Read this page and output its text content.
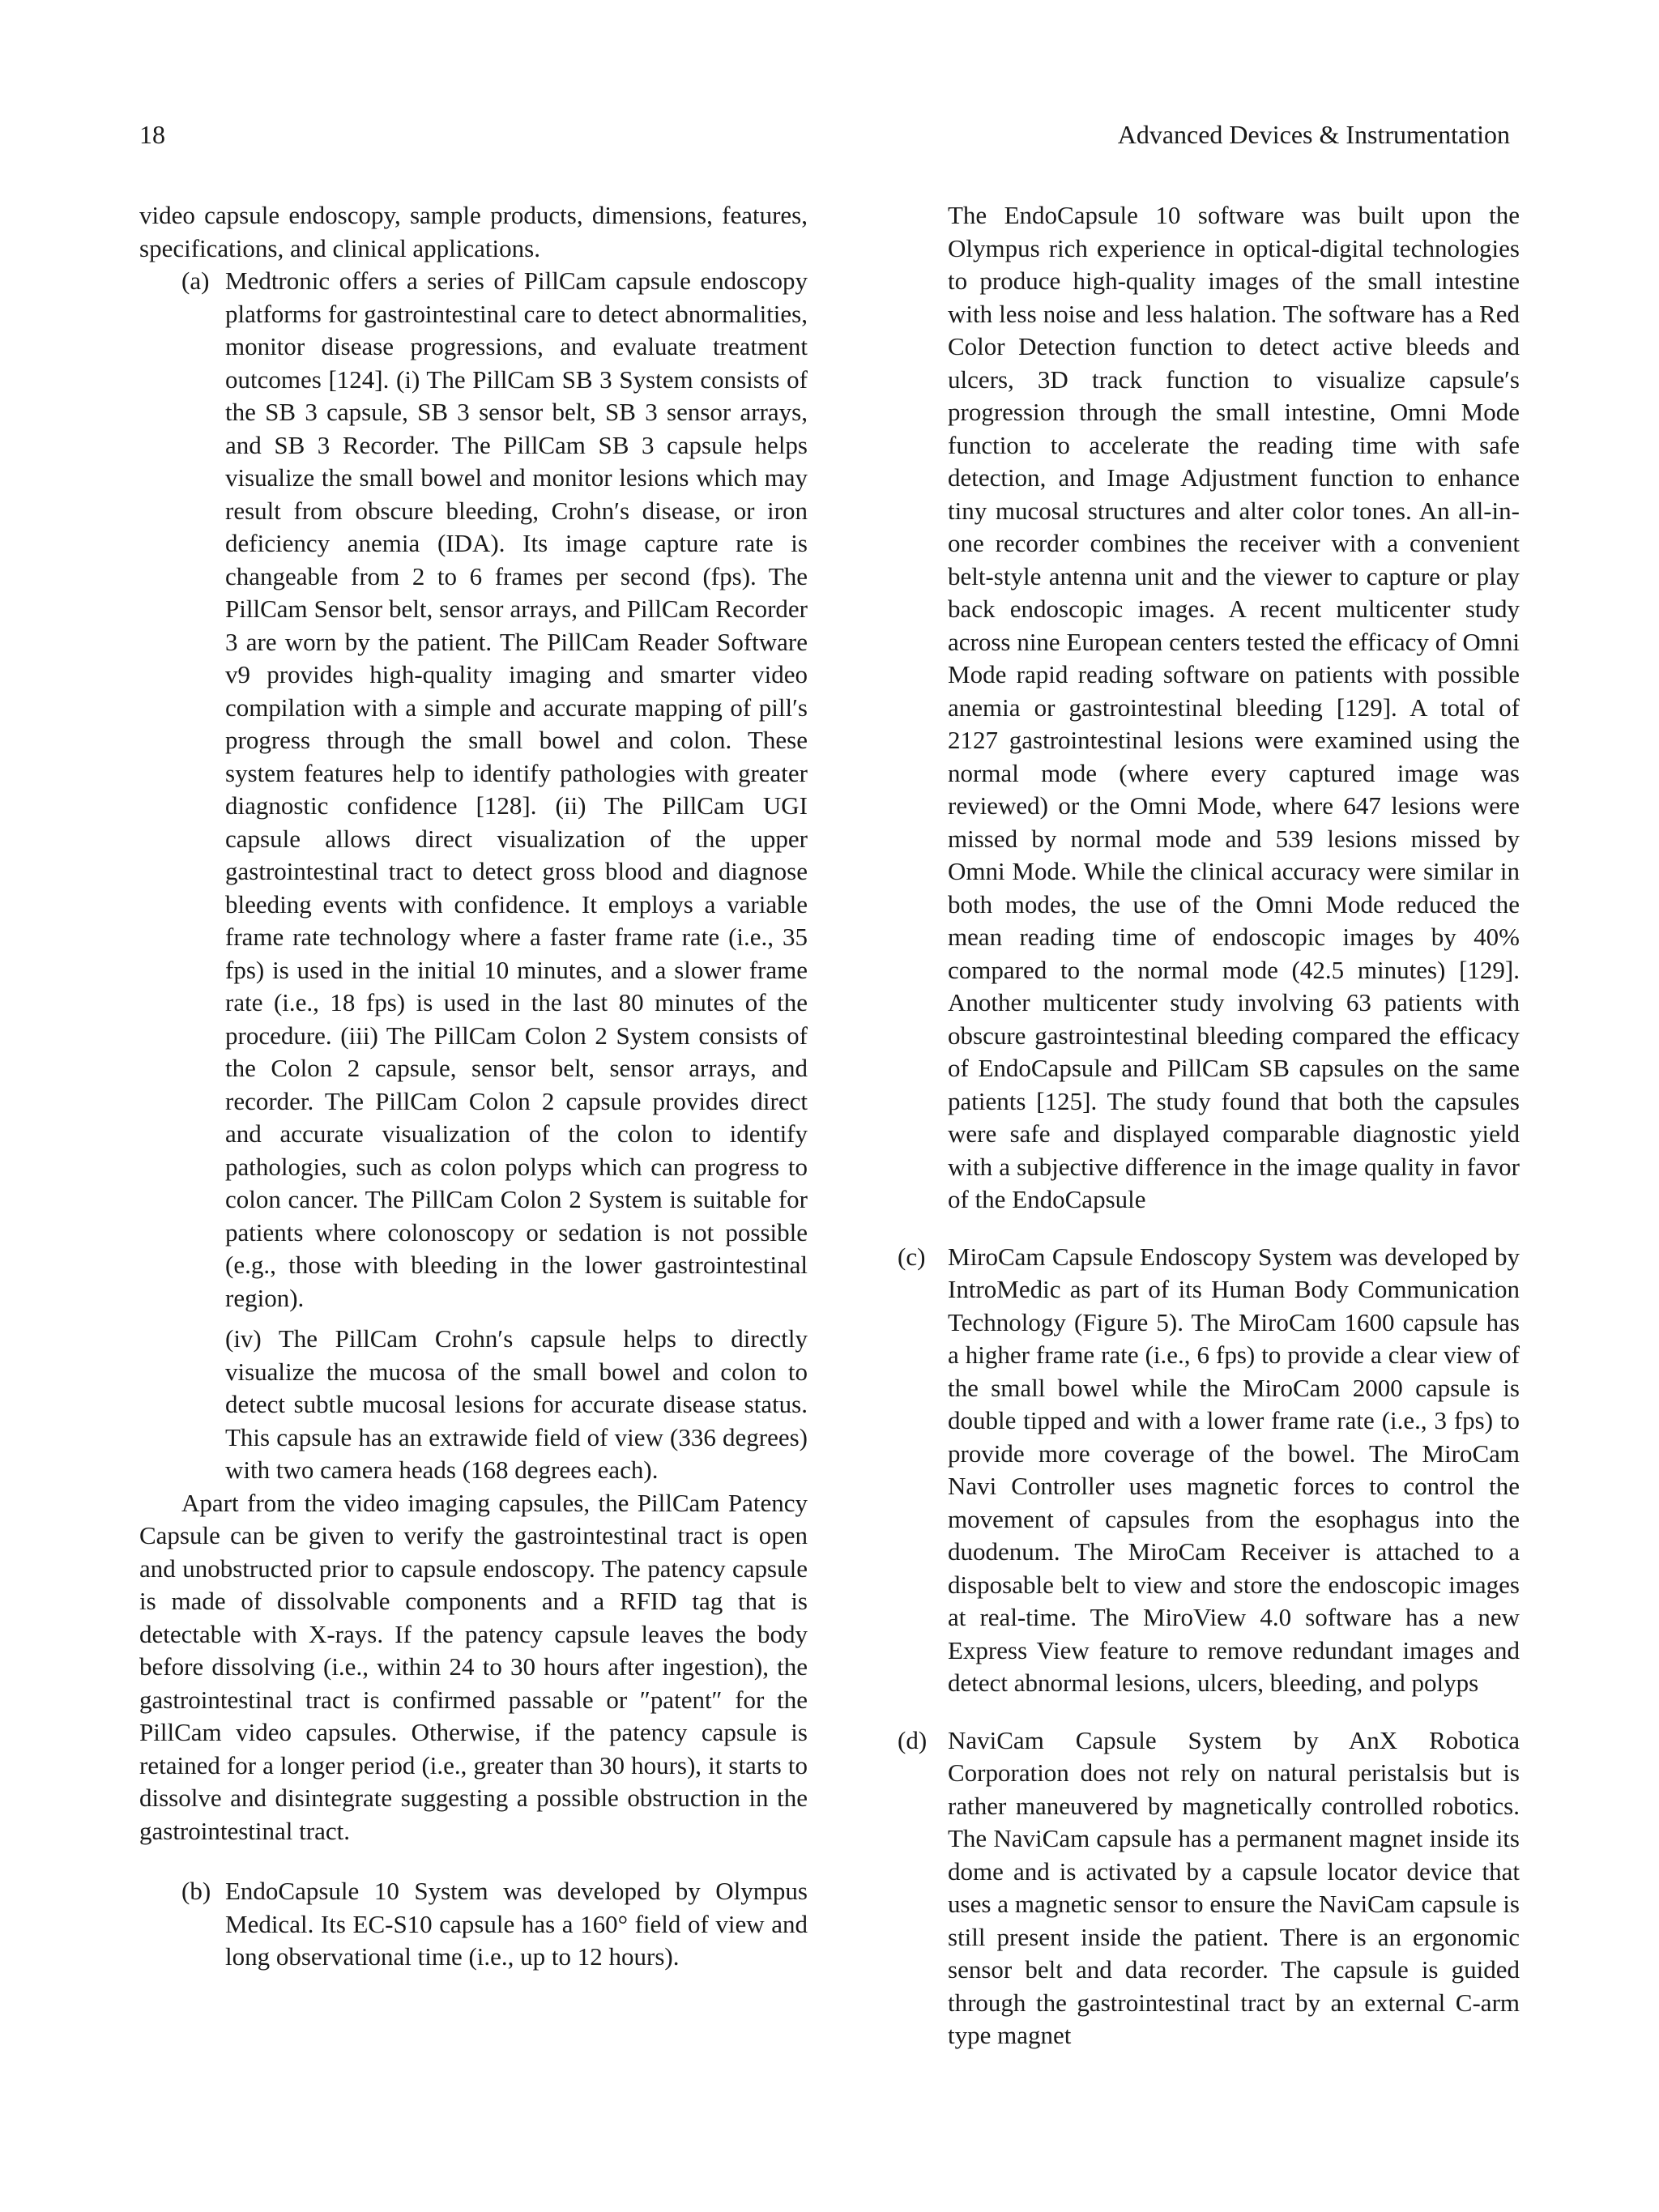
18	Advanced Devices & Instrumentation

video capsule endoscopy, sample products, dimensions, features, specifications, and clinical applications.

(a) Medtronic offers a series of PillCam capsule endoscopy platforms for gastrointestinal care to detect abnormalities, monitor disease progressions, and evaluate treatment outcomes [124]. (i) The PillCam SB 3 System consists of the SB 3 capsule, SB 3 sensor belt, SB 3 sensor arrays, and SB 3 Recorder. The PillCam SB 3 capsule helps visualize the small bowel and monitor lesions which may result from obscure bleeding, Crohn′s disease, or iron deficiency anemia (IDA). Its image capture rate is changeable from 2 to 6 frames per second (fps). The PillCam Sensor belt, sensor arrays, and PillCam Recorder 3 are worn by the patient. The PillCam Reader Software v9 provides high-quality imaging and smarter video compilation with a simple and accurate mapping of pill′s progress through the small bowel and colon. These system features help to identify pathologies with greater diagnostic confidence [128]. (ii) The PillCam UGI capsule allows direct visualization of the upper gastrointestinal tract to detect gross blood and diagnose bleeding events with confidence. It employs a variable frame rate technology where a faster frame rate (i.e., 35 fps) is used in the initial 10 minutes, and a slower frame rate (i.e., 18 fps) is used in the last 80 minutes of the procedure. (iii) The PillCam Colon 2 System consists of the Colon 2 capsule, sensor belt, sensor arrays, and recorder. The PillCam Colon 2 capsule provides direct and accurate visualization of the colon to identify pathologies, such as colon polyps which can progress to colon cancer. The PillCam Colon 2 System is suitable for patients where colonoscopy or sedation is not possible (e.g., those with bleeding in the lower gastrointestinal region).

(iv) The PillCam Crohn′s capsule helps to directly visualize the mucosa of the small bowel and colon to detect subtle mucosal lesions for accurate disease status. This capsule has an extrawide field of view (336 degrees) with two camera heads (168 degrees each).

Apart from the video imaging capsules, the PillCam Patency Capsule can be given to verify the gastrointestinal tract is open and unobstructed prior to capsule endoscopy. The patency capsule is made of dissolvable components and a RFID tag that is detectable with X-rays. If the patency capsule leaves the body before dissolving (i.e., within 24 to 30 hours after ingestion), the gastrointestinal tract is confirmed passable or ″patent″ for the PillCam video capsules. Otherwise, if the patency capsule is retained for a longer period (i.e., greater than 30 hours), it starts to dissolve and disintegrate suggesting a possible obstruction in the gastrointestinal tract.

(b) EndoCapsule 10 System was developed by Olympus Medical. Its EC-S10 capsule has a 160° field of view and long observational time (i.e., up to 12 hours).

The EndoCapsule 10 software was built upon the Olympus rich experience in optical-digital technologies to produce high-quality images of the small intestine with less noise and less halation. The software has a Red Color Detection function to detect active bleeds and ulcers, 3D track function to visualize capsule′s progression through the small intestine, Omni Mode function to accelerate the reading time with safe detection, and Image Adjustment function to enhance tiny mucosal structures and alter color tones. An all-in-one recorder combines the receiver with a convenient belt-style antenna unit and the viewer to capture or play back endoscopic images. A recent multicenter study across nine European centers tested the efficacy of Omni Mode rapid reading software on patients with possible anemia or gastrointestinal bleeding [129]. A total of 2127 gastrointestinal lesions were examined using the normal mode (where every captured image was reviewed) or the Omni Mode, where 647 lesions were missed by normal mode and 539 lesions missed by Omni Mode. While the clinical accuracy were similar in both modes, the use of the Omni Mode reduced the mean reading time of endoscopic images by 40% compared to the normal mode (42.5 minutes) [129]. Another multicenter study involving 63 patients with obscure gastrointestinal bleeding compared the efficacy of EndoCapsule and PillCam SB capsules on the same patients [125]. The study found that both the capsules were safe and displayed comparable diagnostic yield with a subjective difference in the image quality in favor of the EndoCapsule

(c) MiroCam Capsule Endoscopy System was developed by IntroMedic as part of its Human Body Communication Technology (Figure 5). The MiroCam 1600 capsule has a higher frame rate (i.e., 6 fps) to provide a clear view of the small bowel while the MiroCam 2000 capsule is double tipped and with a lower frame rate (i.e., 3 fps) to provide more coverage of the bowel. The MiroCam Navi Controller uses magnetic forces to control the movement of capsules from the esophagus into the duodenum. The MiroCam Receiver is attached to a disposable belt to view and store the endoscopic images at real-time. The MiroView 4.0 software has a new Express View feature to remove redundant images and detect abnormal lesions, ulcers, bleeding, and polyps

(d) NaviCam Capsule System by AnX Robotica Corporation does not rely on natural peristalsis but is rather maneuvered by magnetically controlled robotics. The NaviCam capsule has a permanent magnet inside its dome and is activated by a capsule locator device that uses a magnetic sensor to ensure the NaviCam capsule is still present inside the patient. There is an ergonomic sensor belt and data recorder. The capsule is guided through the gastrointestinal tract by an external C-arm type magnet
